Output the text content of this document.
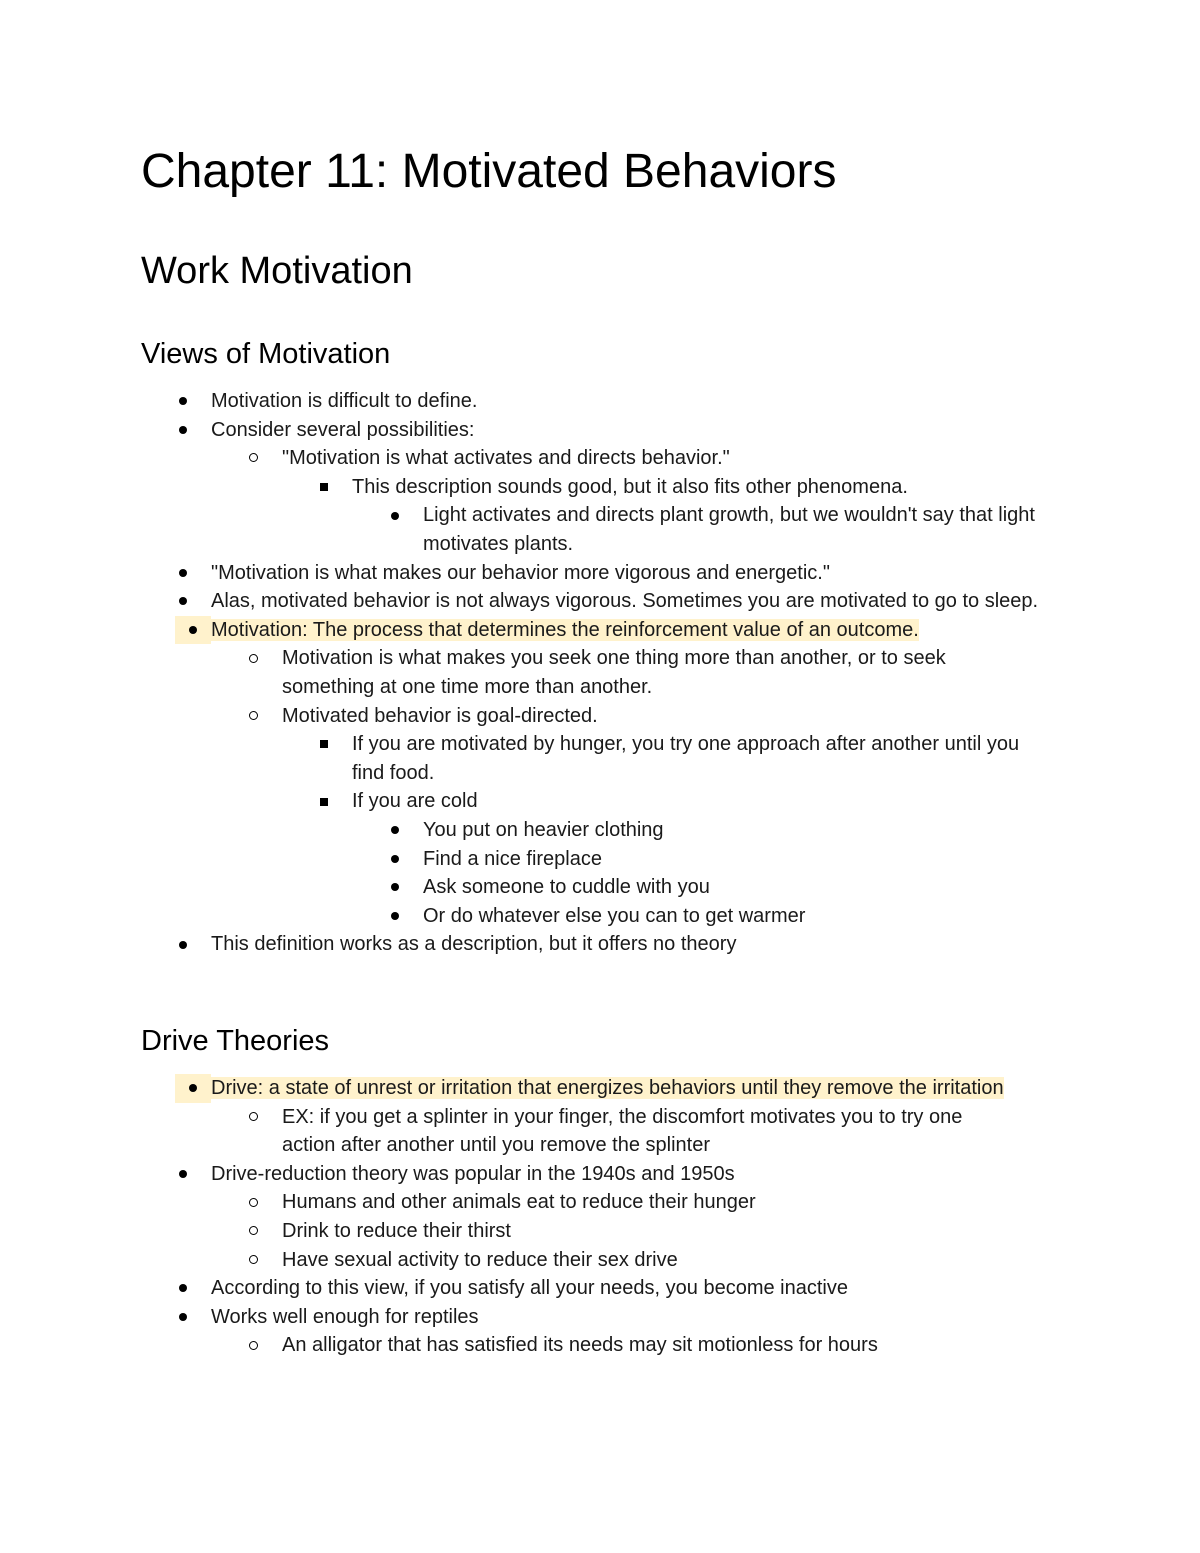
Chapter 11: Motivated Behaviors
Work Motivation
Views of Motivation
Motivation is difficult to define.
Consider several possibilities:
"Motivation is what activates and directs behavior."
This description sounds good, but it also fits other phenomena.
Light activates and directs plant growth, but we wouldn't say that light motivates plants.
"Motivation is what makes our behavior more vigorous and energetic."
Alas, motivated behavior is not always vigorous. Sometimes you are motivated to go to sleep.
Motivation: The process that determines the reinforcement value of an outcome.
Motivation is what makes you seek one thing more than another, or to seek something at one time more than another.
Motivated behavior is goal-directed.
If you are motivated by hunger, you try one approach after another until you find food.
If you are cold
You put on heavier clothing
Find a nice fireplace
Ask someone to cuddle with you
Or do whatever else you can to get warmer
This definition works as a description, but it offers no theory
Drive Theories
Drive: a state of unrest or irritation that energizes behaviors until they remove the irritation
EX: if you get a splinter in your finger, the discomfort motivates you to try one action after another until you remove the splinter
Drive-reduction theory was popular in the 1940s and 1950s
Humans and other animals eat to reduce their hunger
Drink to reduce their thirst
Have sexual activity to reduce their sex drive
According to this view, if you satisfy all your needs, you become inactive
Works well enough for reptiles
An alligator that has satisfied its needs may sit motionless for hours
